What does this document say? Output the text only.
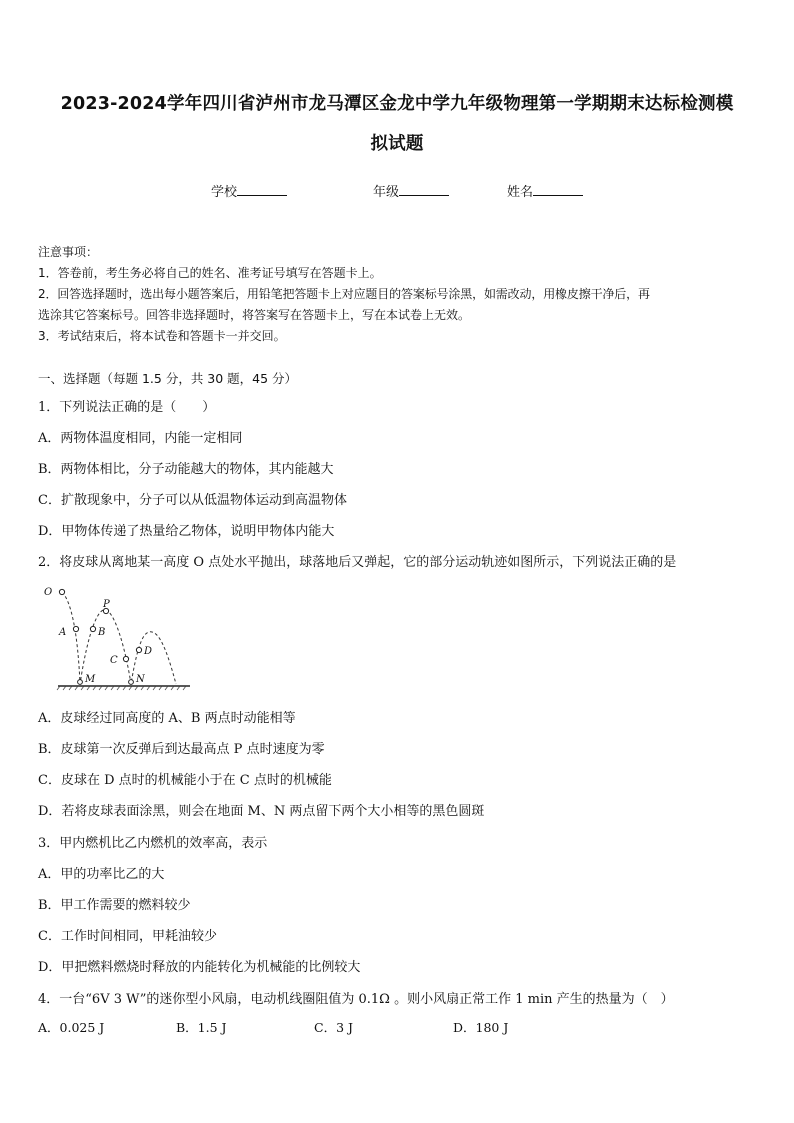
2023-2024学年四川省泸州市龙马潭区金龙中学九年级物理第一学期期末达标检测模
拟试题
学校	年级	姓名
注意事项：
1．答卷前，考生务必将自己的姓名、准考证号填写在答题卡上。
2．回答选择题时，选出每小题答案后，用铅笔把答题卡上对应题目的答案标号涂黑，如需改动，用橡皮擦干净后，再
选涂其它答案标号。回答非选择题时，将答案写在答题卡上，写在本试卷上无效。
3．考试结束后，将本试卷和答题卡一并交回。
一、选择题（每题 1.5 分，共 30 题，45 分）
1．下列说法正确的是（　　）
A．两物体温度相同，内能一定相同
B．两物体相比，分子动能越大的物体，其内能越大
C．扩散现象中，分子可以从低温物体运动到高温物体
D．甲物体传递了热量给乙物体，说明甲物体内能大
2．将皮球从离地某一高度 O 点处水平抛出，球落地后又弹起，它的部分运动轨迹如图所示，下列说法正确的是
O
A	B
P
C
D
M	N
A．皮球经过同高度的 A、B 两点时动能相等
B．皮球第一次反弹后到达最高点 P 点时速度为零
C．皮球在 D 点时的机械能小于在 C 点时的机械能
D．若将皮球表面涂黑，则会在地面 M、N 两点留下两个大小相等的黑色圆斑
3．甲内燃机比乙内燃机的效率高，表示
A．甲的功率比乙的大
B．甲工作需要的燃料较少
C．工作时间相同，甲耗油较少
D．甲把燃料燃烧时释放的内能转化为机械能的比例较大
4．一台“6V 3 W”的迷你型小风扇，电动机线圈阻值为 0.1Ω 。则小风扇正常工作 1 min 产生的热量为（　）
A．0.025 J	B．1.5 J	C．3 J	D．180 J
